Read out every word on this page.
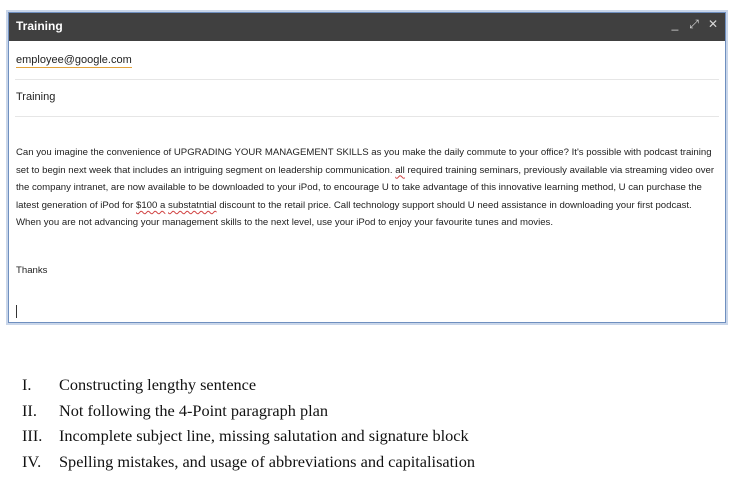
Training	_ ⤢ ✕
employee@google.com
Training
Can you imagine the convenience of UPGRADING YOUR MANAGEMENT SKILLS as you make the daily commute to your office? It's possible with podcast training set to begin next week that includes an intriguing segment on leadership communication. all required training seminars, previously available via streaming video over the company intranet, are now available to be downloaded to your iPod, to encourage U to take advantage of this innovative learning method, U can purchase the latest generation of iPod for $100 a substatntial discount to the retail price. Call technology support should U need assistance in downloading your first podcast. When you are not advancing your management skills to the next level, use your iPod to enjoy your favourite tunes and movies.
Thanks
I. Constructing lengthy sentence
II. Not following the 4-Point paragraph plan
III. Incomplete subject line, missing salutation and signature block
IV. Spelling mistakes, and usage of abbreviations and capitalisation
